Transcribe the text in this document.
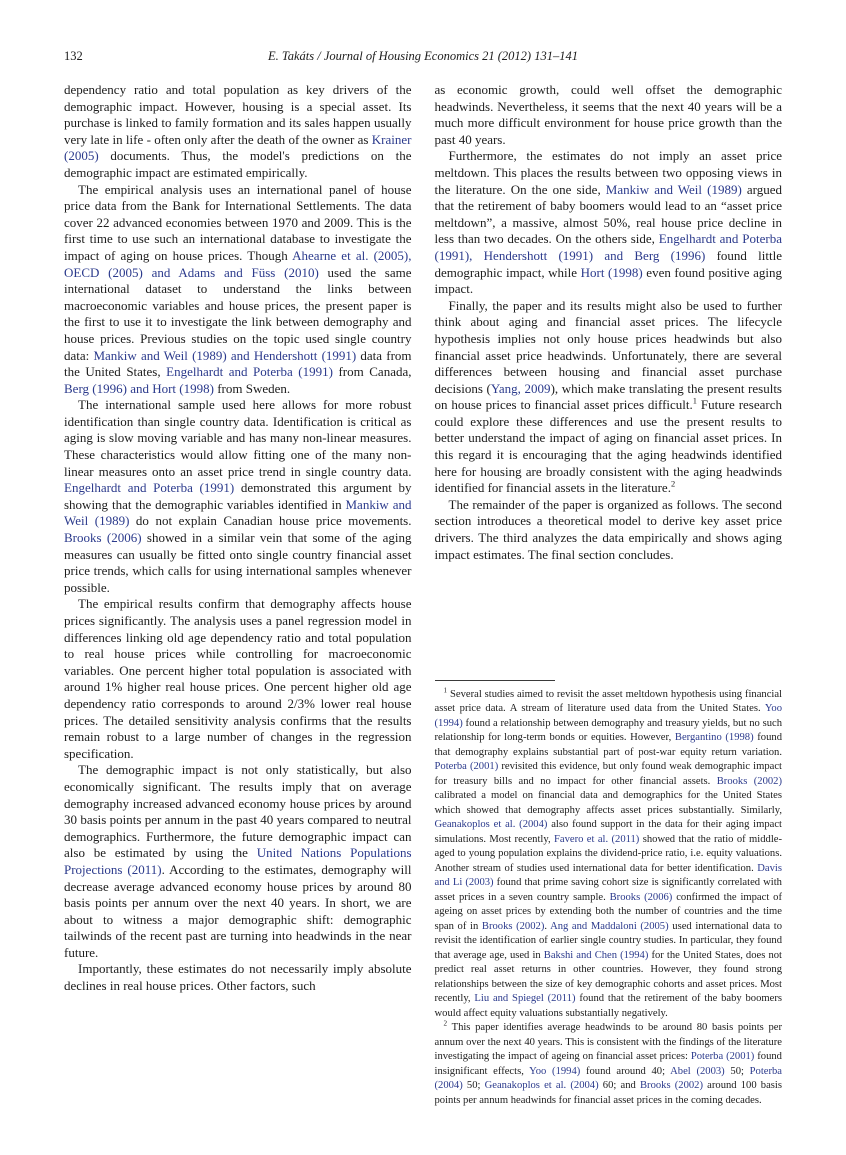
132	E. Takáts / Journal of Housing Economics 21 (2012) 131–141

dependency ratio and total population as key drivers of the demographic impact. However, housing is a special asset. Its purchase is linked to family formation and its sales happen usually very late in life - often only after the death of the owner as Krainer (2005) documents. Thus, the model's predictions on the demographic impact are estimated empirically.

The empirical analysis uses an international panel of house price data from the Bank for International Settlements. The data cover 22 advanced economies between 1970 and 2009. This is the first time to use such an international database to investigate the impact of aging on house prices. Though Ahearne et al. (2005), OECD (2005) and Adams and Füss (2010) used the same international dataset to understand the links between macroeconomic variables and house prices, the present paper is the first to use it to investigate the link between demography and house prices. Previous studies on the topic used single country data: Mankiw and Weil (1989) and Hendershott (1991) data from the United States, Engelhardt and Poterba (1991) from Canada, Berg (1996) and Hort (1998) from Sweden.

The international sample used here allows for more robust identification than single country data. Identification is critical as aging is slow moving variable and has many non-linear measures. These characteristics would allow fitting one of the many non-linear measures onto an asset price trend in single country data. Engelhardt and Poterba (1991) demonstrated this argument by showing that the demographic variables identified in Mankiw and Weil (1989) do not explain Canadian house price movements. Brooks (2006) showed in a similar vein that some of the aging measures can usually be fitted onto single country financial asset price trends, which calls for using international samples whenever possible.

The empirical results confirm that demography affects house prices significantly. The analysis uses a panel regression model in differences linking old age dependency ratio and total population to real house prices while controlling for macroeconomic variables. One percent higher total population is associated with around 1% higher real house prices. One percent higher old age dependency ratio corresponds to around 2/3% lower real house prices. The detailed sensitivity analysis confirms that the results remain robust to a large number of changes in the regression specification.

The demographic impact is not only statistically, but also economically significant. The results imply that on average demography increased advanced economy house prices by around 30 basis points per annum in the past 40 years compared to neutral demographics. Furthermore, the future demographic impact can also be estimated by using the United Nations Populations Projections (2011). According to the estimates, demography will decrease average advanced economy house prices by around 80 basis points per annum over the next 40 years. In short, we are about to witness a major demographic shift: demographic tailwinds of the recent past are turning into headwinds in the near future.

Importantly, these estimates do not necessarily imply absolute declines in real house prices. Other factors, such

as economic growth, could well offset the demographic headwinds. Nevertheless, it seems that the next 40 years will be a much more difficult environment for house price growth than the past 40 years.

Furthermore, the estimates do not imply an asset price meltdown. This places the results between two opposing views in the literature. On the one side, Mankiw and Weil (1989) argued that the retirement of baby boomers would lead to an “asset price meltdown”, a massive, almost 50%, real house price decline in less than two decades. On the others side, Engelhardt and Poterba (1991), Hendershott (1991) and Berg (1996) found little demographic impact, while Hort (1998) even found positive aging impact.

Finally, the paper and its results might also be used to further think about aging and financial asset prices. The lifecycle hypothesis implies not only house prices headwinds but also financial asset price headwinds. Unfortunately, there are several differences between housing and financial asset purchase decisions (Yang, 2009), which make translating the present results on house prices to financial asset prices difficult.$^1$ Future research could explore these differences and use the present results to better understand the impact of aging on financial asset prices. In this regard it is encouraging that the aging headwinds identified here for housing are broadly consistent with the aging headwinds identified for financial assets in the literature.$^2$

The remainder of the paper is organized as follows. The second section introduces a theoretical model to derive key asset price drivers. The third analyzes the data empirically and shows aging impact estimates. The final section concludes.

$^1$ Several studies aimed to revisit the asset meltdown hypothesis using financial asset price data. A stream of literature used data from the United States. Yoo (1994) found a relationship between demography and treasury yields, but no such relationship for long-term bonds or equities. However, Bergantino (1998) found that demography explains substantial part of post-war equity return variation. Poterba (2001) revisited this evidence, but only found weak demographic impact for treasury bills and no impact for other financial assets. Brooks (2002) calibrated a model on financial data and demographics for the United States which showed that demography affects asset prices substantially. Similarly, Geanakoplos et al. (2004) also found support in the data for their aging impact simulations. Most recently, Favero et al. (2011) showed that the ratio of middle-aged to young population explains the dividend-price ratio, i.e. equity valuations. Another stream of studies used international data for better identification. Davis and Li (2003) found that prime saving cohort size is significantly correlated with asset prices in a seven country sample. Brooks (2006) confirmed the impact of ageing on asset prices by extending both the number of countries and the time span of in Brooks (2002). Ang and Maddaloni (2005) used international data to revisit the identification of earlier single country studies. In particular, they found that average age, used in Bakshi and Chen (1994) for the United States, does not predict real asset returns in other countries. However, they found strong relationships between the size of key demographic cohorts and asset prices. Most recently, Liu and Spiegel (2011) found that the retirement of the baby boomers would affect equity valuations substantially negatively.

$^2$ This paper identifies average headwinds to be around 80 basis points per annum over the next 40 years. This is consistent with the findings of the literature investigating the impact of ageing on financial asset prices: Poterba (2001) found insignificant effects, Yoo (1994) found around 40; Abel (2003) 50; Poterba (2004) 50; Geanakoplos et al. (2004) 60; and Brooks (2002) around 100 basis points per annum headwinds for financial asset prices in the coming decades.
